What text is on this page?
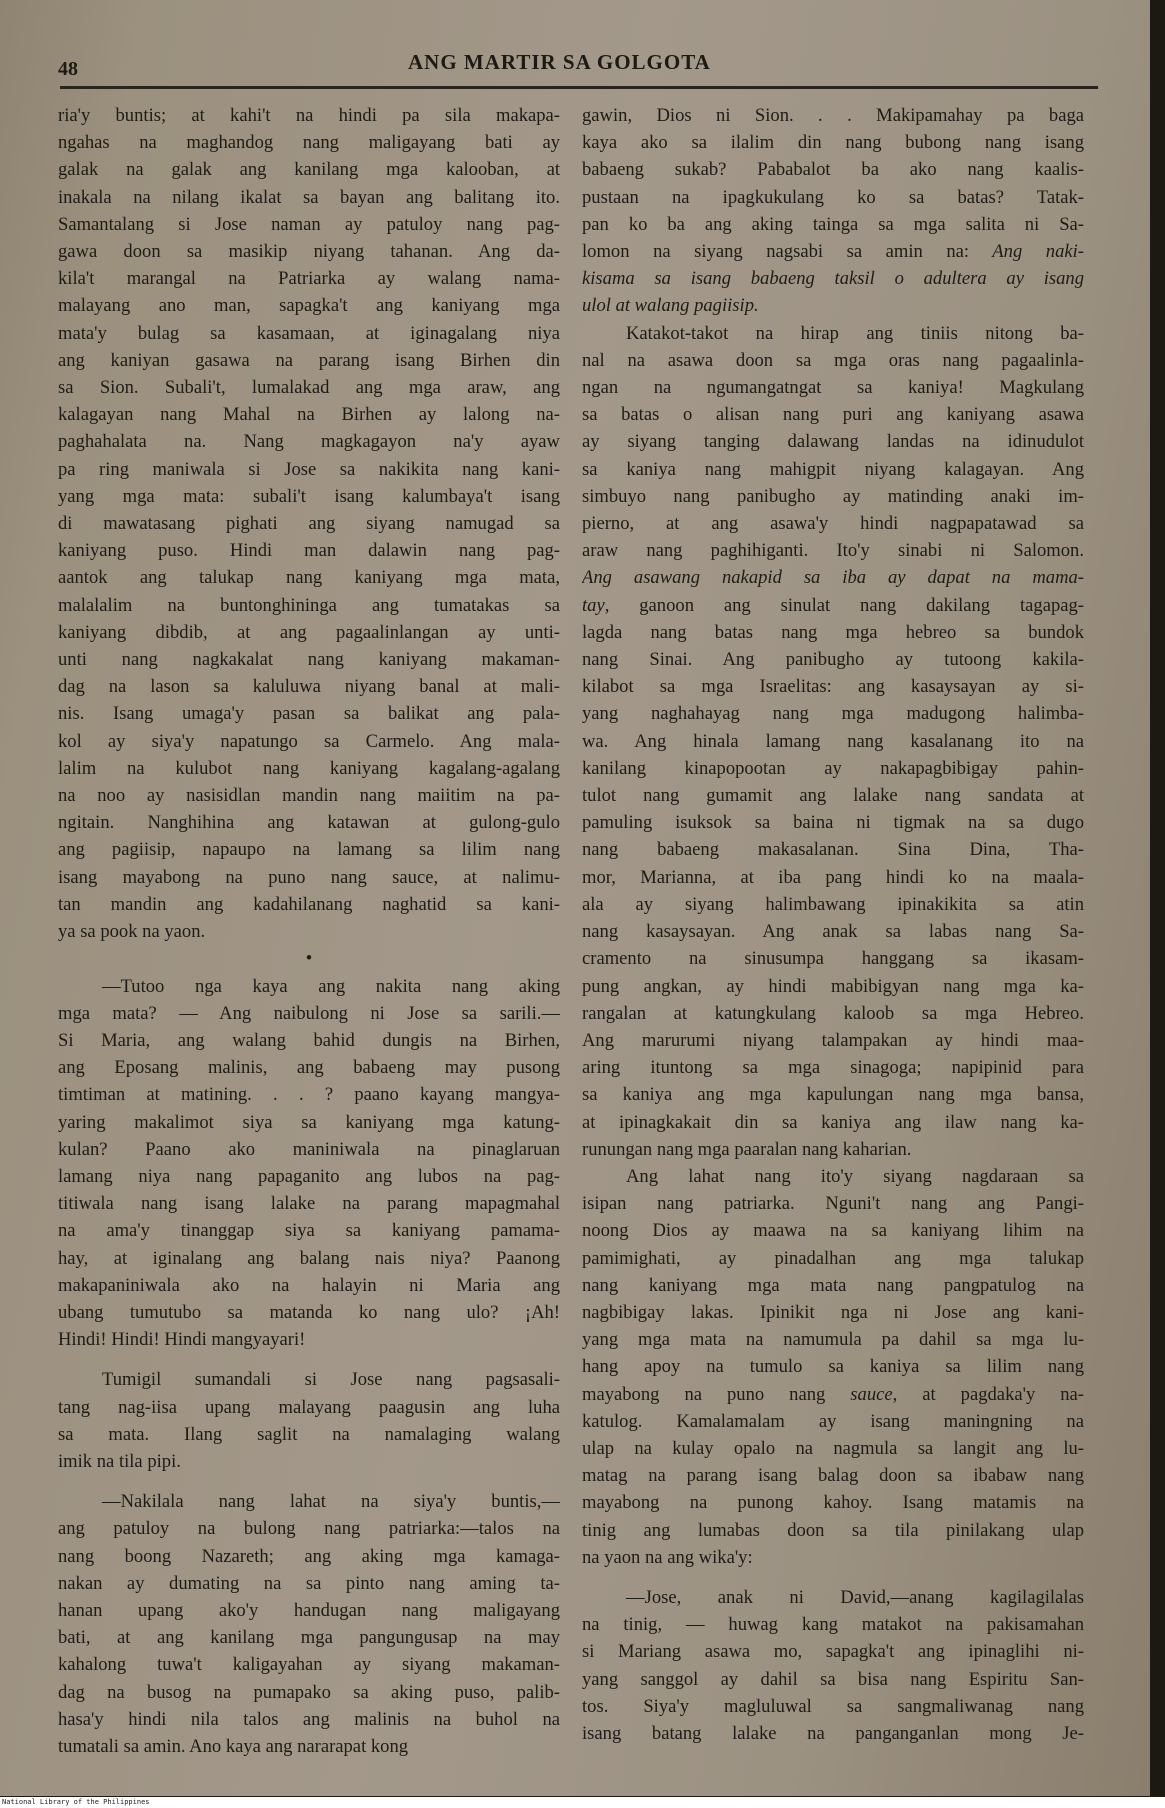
48	ANG MARTIR SA GOLGOTA
ria'y buntis; at kahi't na hindi pa sila makapa-
ngahas na maghandog nang maligayang bati ay
galak na galak ang kanilang mga kalooban, at
inakala na nilang ikalat sa bayan ang balitang ito.
Samantalang si Jose naman ay patuloy nang pag-
gawa doon sa masikip niyang tahanan. Ang da-
kila't marangal na Patriarka ay walang nama-
malayang ano man, sapagka't ang kaniyang mga
mata'y bulag sa kasamaan, at iginagalang niya
ang kaniyan gasawa na parang isang Birhen din
sa Sion. Subali't, lumalakad ang mga araw, ang
kalagayan nang Mahal na Birhen ay lalong na-
paghahalata na. Nang magkagayon na'y ayaw
pa ring maniwala si Jose sa nakikita nang kani-
yang mga mata: subali't isang kalumbaya't isang
di mawatasang pighati ang siyang namugad sa
kaniyang puso. Hindi man dalawin nang pag-
aantok ang talukap nang kaniyang mga mata,
malalalim na buntonghininga ang tumatakas sa
kaniyang dibdib, at ang pagaalinlangan ay unti-
unti nang nagkakalat nang kaniyang makaman-
dag na lason sa kaluluwa niyang banal at mali-
nis. Isang umaga'y pasan sa balikat ang pala-
kol ay siya'y napatungo sa Carmelo. Ang mala-
lalim na kulubot nang kaniyang kagalang-agalang
na noo ay nasisidlan mandin nang maiitim na pa-
ngitain. Nanghihina ang katawan at gulong-gulo
ang pagiisip, napaupo na lamang sa lilim nang
isang mayabong na puno nang sauce, at nalimu-
tan mandin ang kadahilanang naghatid sa kani-
ya sa pook na yaon.
•
—Tutoo nga kaya ang nakita nang aking
mga mata? — Ang naibulong ni Jose sa sarili.—
Si Maria, ang walang bahid dungis na Birhen,
ang Eposang malinis, ang babaeng may pusong
timtiman at matining. . . ? paano kayang mangya-
yaring makalimot siya sa kaniyang mga katung-
kulan? Paano ako maniniwala na pinaglaruan
lamang niya nang papaganito ang lubos na pag-
titiwala nang isang lalake na parang mapagmahal
na ama'y tinanggap siya sa kaniyang pamama-
hay, at iginalang ang balang nais niya? Paanong
makapaniniwala ako na halayin ni Maria ang
ubang tumutubo sa matanda ko nang ulo? ¡Ah!
Hindi! Hindi! Hindi mangyayari!
Tumigil sumandali si Jose nang pagsasali-
tang nag-iisa upang malayang paagusin ang luha
sa mata. Ilang saglit na namalaging walang
imik na tila pipi.
—Nakilala nang lahat na siya'y buntis,—
ang patuloy na bulong nang patriarka:—talos na
nang boong Nazareth; ang aking mga kamaga-
nakan ay dumating na sa pinto nang aming ta-
hanan upang ako'y handugan nang maligayang
bati, at ang kanilang mga pangungusap na may
kahalong tuwa't kaligayahan ay siyang makaman-
dag na busog na pumapako sa aking puso, palib-
hasa'y hindi nila talos ang malinis na buhol na
tumatali sa amin. Ano kaya ang nararapat kong
gawin, Dios ni Sion. . . Makipamahay pa baga
kaya ako sa ilalim din nang bubong nang isang
babaeng sukab? Pababalot ba ako nang kaalis-
pustaan na ipagkukulang ko sa batas? Tatak-
pan ko ba ang aking tainga sa mga salita ni Sa-
lomon na siyang nagsabi sa amin na: Ang naki-
kisama sa isang babaeng taksil o adultera ay isang
ulol at walang pagiisip.
Katakot-takot na hirap ang tiniis nitong ba-
nal na asawa doon sa mga oras nang pagaalinla-
ngan na ngumangatngat sa kaniya! Magkulang
sa batas o alisan nang puri ang kaniyang asawa
ay siyang tanging dalawang landas na idinudulot
sa kaniya nang mahigpit niyang kalagayan. Ang
simbuyo nang panibugho ay matinding anaki im-
pierno, at ang asawa'y hindi nagpapatawad sa
araw nang paghihiganti. Ito'y sinabi ni Salomon.
Ang asawang nakapid sa iba ay dapat na mama-
tay, ganoon ang sinulat nang dakilang tagapag-
lagda nang batas nang mga hebreo sa bundok
nang Sinai. Ang panibugho ay tutoong kakila-
kilabot sa mga Israelitas: ang kasaysayan ay si-
yang naghahayag nang mga madugong halimba-
wa. Ang hinala lamang nang kasalanang ito na
kanilang kinapopootan ay nakapagbibigay pahin-
tulot nang gumamit ang lalake nang sandata at
pamuling isuksok sa baina ni tigmak na sa dugo
nang babaeng makasalanan. Sina Dina, Tha-
mor, Marianna, at iba pang hindi ko na maala-
ala ay siyang halimbawang ipinakikita sa atin
nang kasaysayan. Ang anak sa labas nang Sa-
cramento na sinusumpa hanggang sa ikasam-
pung angkan, ay hindi mabibigyan nang mga ka-
rangalan at katungkulang kaloob sa mga Hebreo.
Ang marurumi niyang talampakan ay hindi maa-
aring ituntong sa mga sinagoga; napipinid para
sa kaniya ang mga kapulungan nang mga bansa,
at ipinagkakait din sa kaniya ang ilaw nang ka-
runungan nang mga paaralan nang kaharian.
Ang lahat nang ito'y siyang nagdaraan sa
isipan nang patriarka. Nguni't nang ang Pangi-
noong Dios ay maawa na sa kaniyang lihim na
pamimighati, ay pinadalhan ang mga talukap
nang kaniyang mga mata nang pangpatulog na
nagbibigay lakas. Ipinikit nga ni Jose ang kani-
yang mga mata na namumula pa dahil sa mga lu-
hang apoy na tumulo sa kaniya sa lilim nang
mayabong na puno nang sauce, at pagdaka'y na-
katulog. Kamalamalam ay isang maningning na
ulap na kulay opalo na nagmula sa langit ang lu-
matag na parang isang balag doon sa ibabaw nang
mayabong na punong kahoy. Isang matamis na
tinig ang lumabas doon sa tila pinilakang ulap
na yaon na ang wika'y:
—Jose, anak ni David,—anang kagilagilalas
na tinig, — huwag kang matakot na pakisamahan
si Mariang asawa mo, sapagka't ang ipinaglihi ni-
yang sanggol ay dahil sa bisa nang Espiritu San-
tos. Siya'y magluluwal sa sangmaliwanag nang
isang batang lalake na panganganlan mong Je-
National Library of the Philippines
